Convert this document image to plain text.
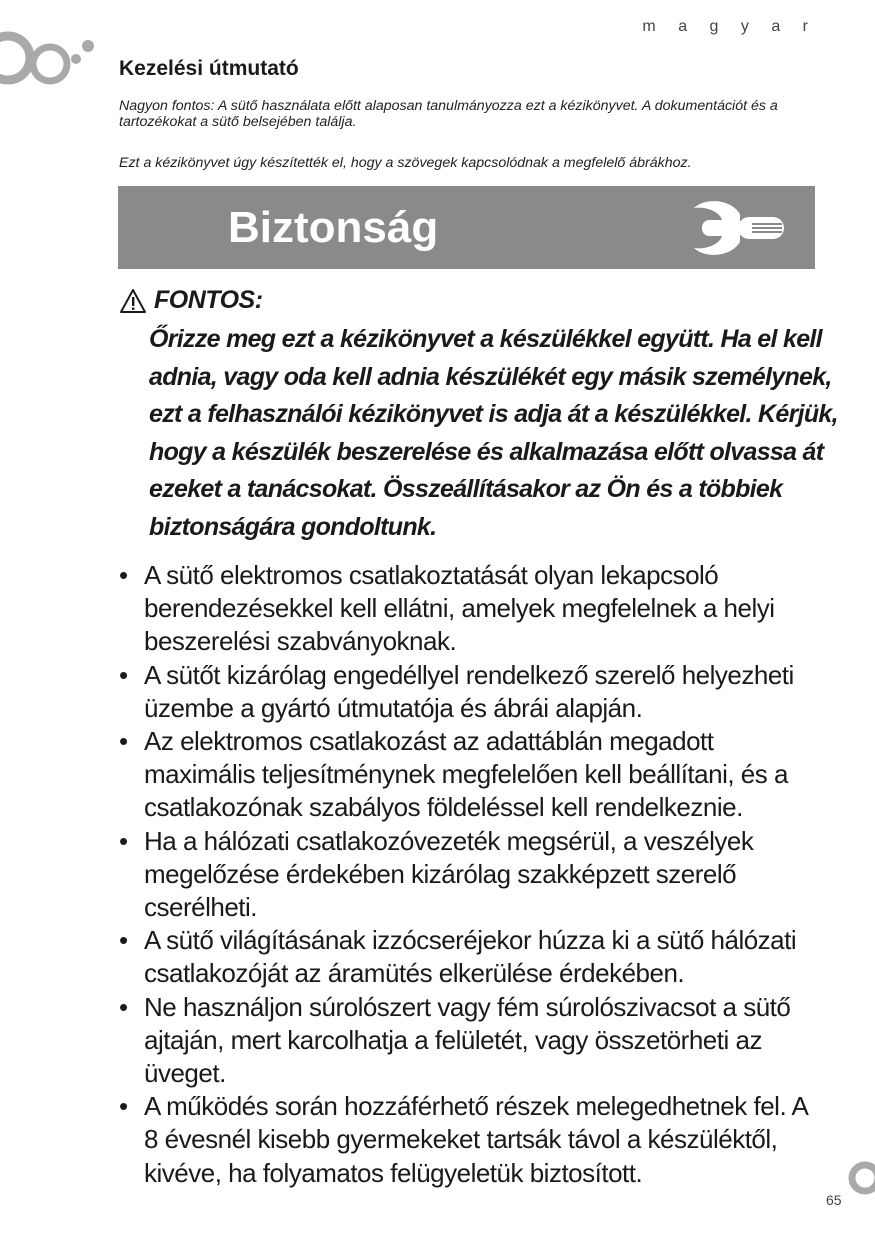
m a g y a r
Kezelési útmutató

Nagyon fontos: A sütő használata előtt alaposan tanulmányozza ezt a kézikönyvet. A dokumentációt és a tartozékokat a sütő belsejében találja.

Ezt a kézikönyvet úgy készítették el, hogy a szövegek kapcsolódnak a megfelelő ábrákhoz.

Biztonság
FONTOS:

Őrizze meg ezt a kézikönyvet a készülékkel együtt. Ha el kell adnia, vagy oda kell adnia készülékét egy másik személynek, ezt a felhasználói kézikönyvet is adja át a készülékkel. Kérjük, hogy a készülék beszerelése és alkalmazása előtt olvassa át ezeket a tanácsokat. Összeállításakor az Ön és a többiek biztonságára gondoltunk.

• A sütő elektromos csatlakoztatását olyan lekapcsoló berendezésekkel kell ellátni, amelyek megfelelnek a helyi beszerelési szabványoknak.
• A sütőt kizárólag engedéllyel rendelkező szerelő helyezheti üzembe a gyártó útmutatója és ábrái alapján.
• Az elektromos csatlakozást az adattáblán megadott maximális teljesítménynek megfelelően kell beállítani, és a csatlakozónak szabályos földeléssel kell rendelkeznie.
• Ha a hálózati csatlakozóvezeték megsérül, a veszélyek megelőzése érdekében kizárólag szakképzett szerelő cserélheti.
• A sütő világításának izzócseréjekor húzza ki a sütő hálózati csatlakozóját az áramütés elkerülése érdekében.
• Ne használjon súrolószert vagy fém súrolószivacsot a sütő ajtaján, mert karcolhatja a felületét, vagy összetörheti az üveget.
• A működés során hozzáférhető részek melegedhetnek fel. A 8 évesnél kisebb gyermekeket tartsák távol a készüléktől, kivéve, ha folyamatos felügyeletük biztosított.
65
